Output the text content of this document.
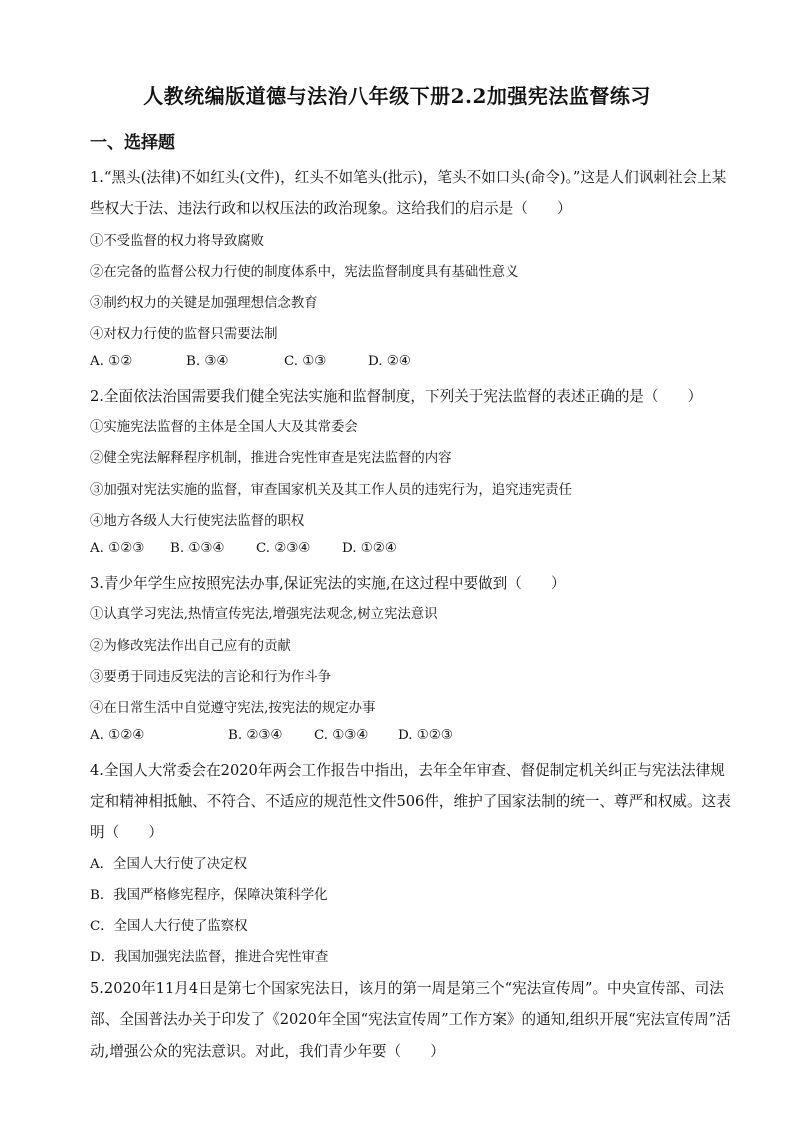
人教统编版道德与法治八年级下册2.2加强宪法监督练习
一、选择题
1.“黑头(法律)不如红头(文件)，红头不如笔头(批示)，笔头不如口头(命令)。”这是人们讽刺社会上某
些权大于法、违法行政和以权压法的政治现象。这给我们的启示是（　　）
①不受监督的权力将导致腐败
②在完备的监督公权力行使的制度体系中，宪法监督制度具有基础性意义
③制约权力的关键是加强理想信念教育
④对权力行使的监督只需要法制
A. ①②	B. ③④	C. ①③	D. ②④
2.全面依法治国需要我们健全宪法实施和监督制度，下列关于宪法监督的表述正确的是（　　）
①实施宪法监督的主体是全国人大及其常委会
②健全宪法解释程序机制，推进合宪性审查是宪法监督的内容
③加强对宪法实施的监督，审查国家机关及其工作人员的违宪行为，追究违宪责任
④地方各级人大行使宪法监督的职权
A. ①②③ B. ①③④ C. ②③④ D. ①②④
3.青少年学生应按照宪法办事,保证宪法的实施,在这过程中要做到（　　）
①认真学习宪法,热情宣传宪法,增强宪法观念,树立宪法意识
②为修改宪法作出自己应有的贡献
③要勇于同违反宪法的言论和行为作斗争
④在日常生活中自觉遵守宪法,按宪法的规定办事
A. ①②④	B. ②③④ C. ①③④ D. ①②③
4.全国人大常委会在2020年两会工作报告中指出，去年全年审查、督促制定机关纠正与宪法法律规
定和精神相抵触、不符合、不适应的规范性文件506件，维护了国家法制的统一、尊严和权威。这表
明（　　）
A．全国人大行使了决定权
B．我国严格修宪程序，保障决策科学化
C．全国人大行使了监察权
D．我国加强宪法监督，推进合宪性审查
5.2020年11月4日是第七个国家宪法日，该月的第一周是第三个“宪法宣传周”。中央宣传部、司法
部、全国普法办关于印发了《2020年全国“宪法宣传周”工作方案》的通知,组织开展“宪法宣传周”活
动,增强公众的宪法意识。对此，我们青少年要（　　）
